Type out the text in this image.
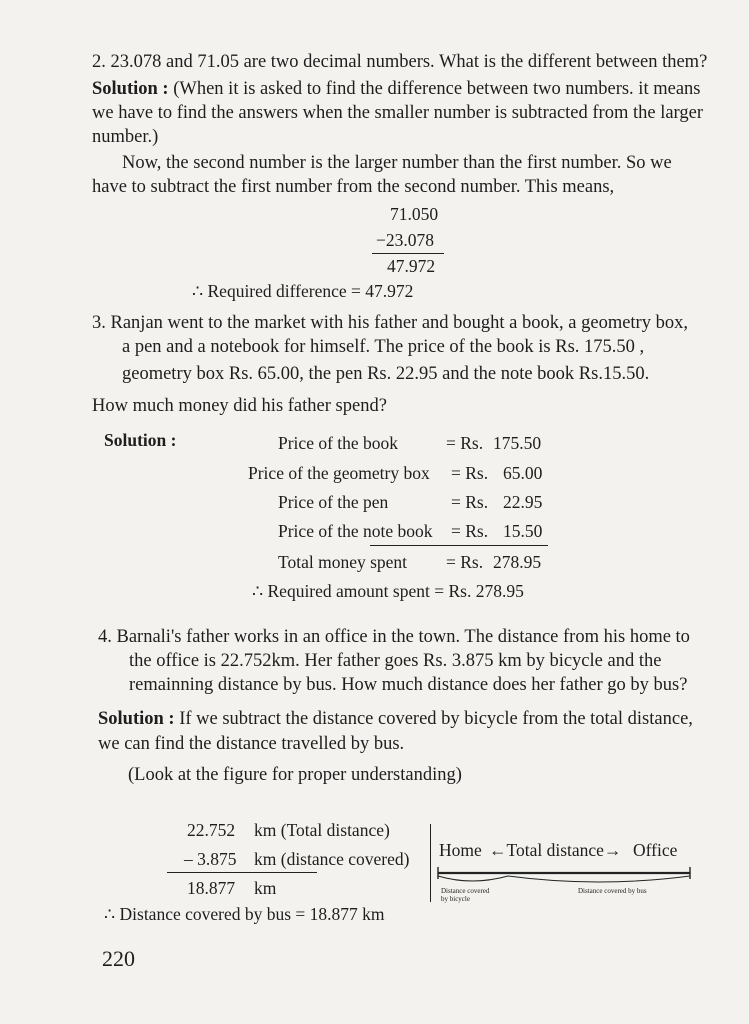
2. 23.078 and 71.05 are two decimal numbers. What is the different between them?
Solution : (When it is asked to find the difference between two numbers. it means
we have to find the answers when the smaller number is subtracted from the larger
number.)
Now, the second number is the larger number than the first number. So we
have to subtract the first number from the second number. This means,
71.050
−23.078
47.972
∴ Required difference = 47.972
3. Ranjan went to the market with his father and bought a book, a geometry box,
a pen and a notebook for himself. The price of the book is Rs. 175.50 ,
geometry box Rs. 65.00, the pen Rs. 22.95 and the note book Rs.15.50.
How much money did his father spend?
Solution :	Price of the book	= Rs. 175.50
Price of the geometry box = Rs. 65.00
Price of the pen	= Rs. 22.95
Price of the note book = Rs. 15.50
Total money spent = Rs. 278.95
∴ Required amount spent = Rs. 278.95
4. Barnali's father works in an office in the town. The distance from his home to
the office is 22.752km. Her father goes Rs. 3.875 km by bicycle and the
remainning distance by bus. How much distance does her father go by bus?
Solution : If we subtract the distance covered by bicycle from the total distance,
we can find the distance travelled by bus.
(Look at the figure for proper understanding)
22.752 km (Total distance)
– 3.875 km (distance covered)
18.877 km
∴ Distance covered by bus = 18.877 km
Home ←Total distance→ Office
Distance covered
by bicycle
Distance covered by bus
220
